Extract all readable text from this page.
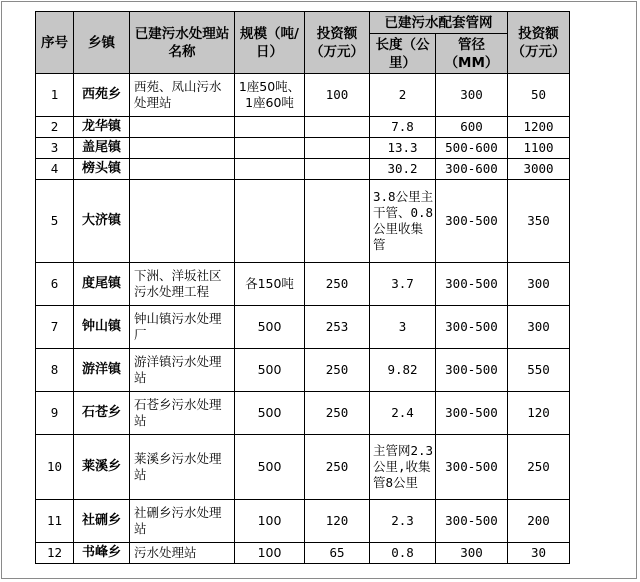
序号	乡镇	已建污水处理站名称	规模（吨/日）	投资额（万元）	已建污水配套管网		投资额（万元）
					长度（公里）	管径（MM）	
1	西苑乡	西苑、凤山污水处理站	1座50吨、1座60吨	100	2	300	50
2	龙华镇				7.8	600	1200
3	盖尾镇				13.3	500-600	1100
4	榜头镇				30.2	300-600	3000
5	大济镇				3.8公里主干管、0.8公里收集管	300-500	350
6	度尾镇	下洲、洋坂社区污水处理工程	各150吨	250	3.7	300-500	300
7	钟山镇	钟山镇污水处理厂	500	253	3	300-500	300
8	游洋镇	游洋镇污水处理站	500	250	9.82	300-500	550
9	石苍乡	石苍乡污水处理站	500	250	2.4	300-500	120
10	莱溪乡	莱溪乡污水处理站	500	250	主管网2.3公里,收集管8公里	300-500	250
11	社硎乡	社硎乡污水处理站	100	120	2.3	300-500	200
12	书峰乡	污水处理站	100	65	0.8	300	30
